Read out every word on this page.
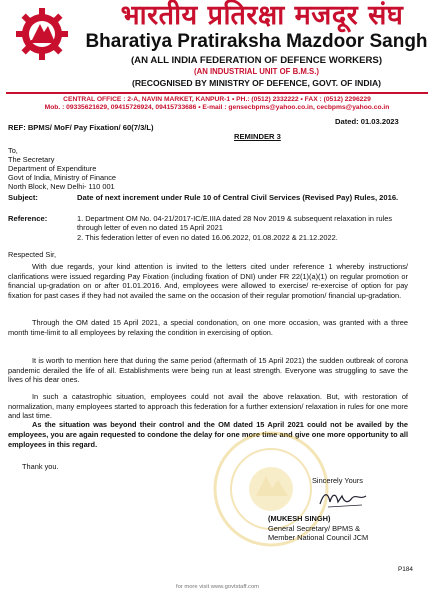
भारतीय प्रतिरक्षा मजदूर संघ
Bharatiya Pratiraksha Mazdoor Sangh
(AN ALL INDIA FEDERATION OF DEFENCE WORKERS)
(AN INDUSTRIAL UNIT OF B.M.S.)
(RECOGNISED BY MINISTRY OF DEFENCE, GOVT. OF INDIA)
CENTRAL OFFICE : 2-A, NAVIN MARKET, KANPUR-1 • PH.: (0512) 2332222 • FAX : (0512) 2296229
Mob. : 09335621629, 09415726924, 09415733686 • E-mail : gensecbpms@yahoo.co.in, cecbpms@yahoo.co.in
Dated: 01.03.2023
REF: BPMS/ MoF/ Pay Fixation/ 60(7/3/L)
REMINDER 3
To,
The Secretary
Department of Expenditure
Govt of India, Ministry of Finance
North Block, New Delhi- 110 001
Subject:	Date of next increment under Rule 10 of Central Civil Services (Revised Pay) Rules, 2016.
Reference:	1. Department OM No. 04-21/2017-IC/E.IIIA dated 28 Nov 2019 & subsequent relaxation in rules through letter of even no dated 15 April 2021
2. This federation letter of even no dated 16.06.2022, 01.08.2022 & 21.12.2022.
Respected Sir,
With due regards, your kind attention is invited to the letters cited under reference 1 whereby instructions/ clarifications were issued regarding Pay Fixation (including fixation of DNI) under FR 22(1)(a)(1) on regular promotion or financial up-gradation on or after 01.01.2016. And, employees were allowed to exercise/ re-exercise of option for pay fixation for past cases if they had not availed the same on the occasion of their regular promotion/ financial up-gradation.
Through the OM dated 15 April 2021, a special condonation, on one more occasion, was granted with a three month time-limit to all employees by relaxing the condition in exercising of option.
It is worth to mention here that during the same period (aftermath of 15 April 2021) the sudden outbreak of corona pandemic derailed the life of all. Establishments were being run at least strength. Everyone was struggling to save the lives of his dear ones.
In such a catastrophic situation, employees could not avail the above relaxation. But, with restoration of normalization, many employees started to approach this federation for a further extension/ relaxation in rules for one more and last time.
As the situation was beyond their control and the OM dated 15 April 2021 could not be availed by the employees, you are again requested to condone the delay for one more time and give one more opportunity to all employees in this regard.
Thank you.
Sincerely Yours
(MUKESH SINGH)
General Secretary/ BPMS &
Member National Council JCM
P184
for more visit www.govtstaff.com
